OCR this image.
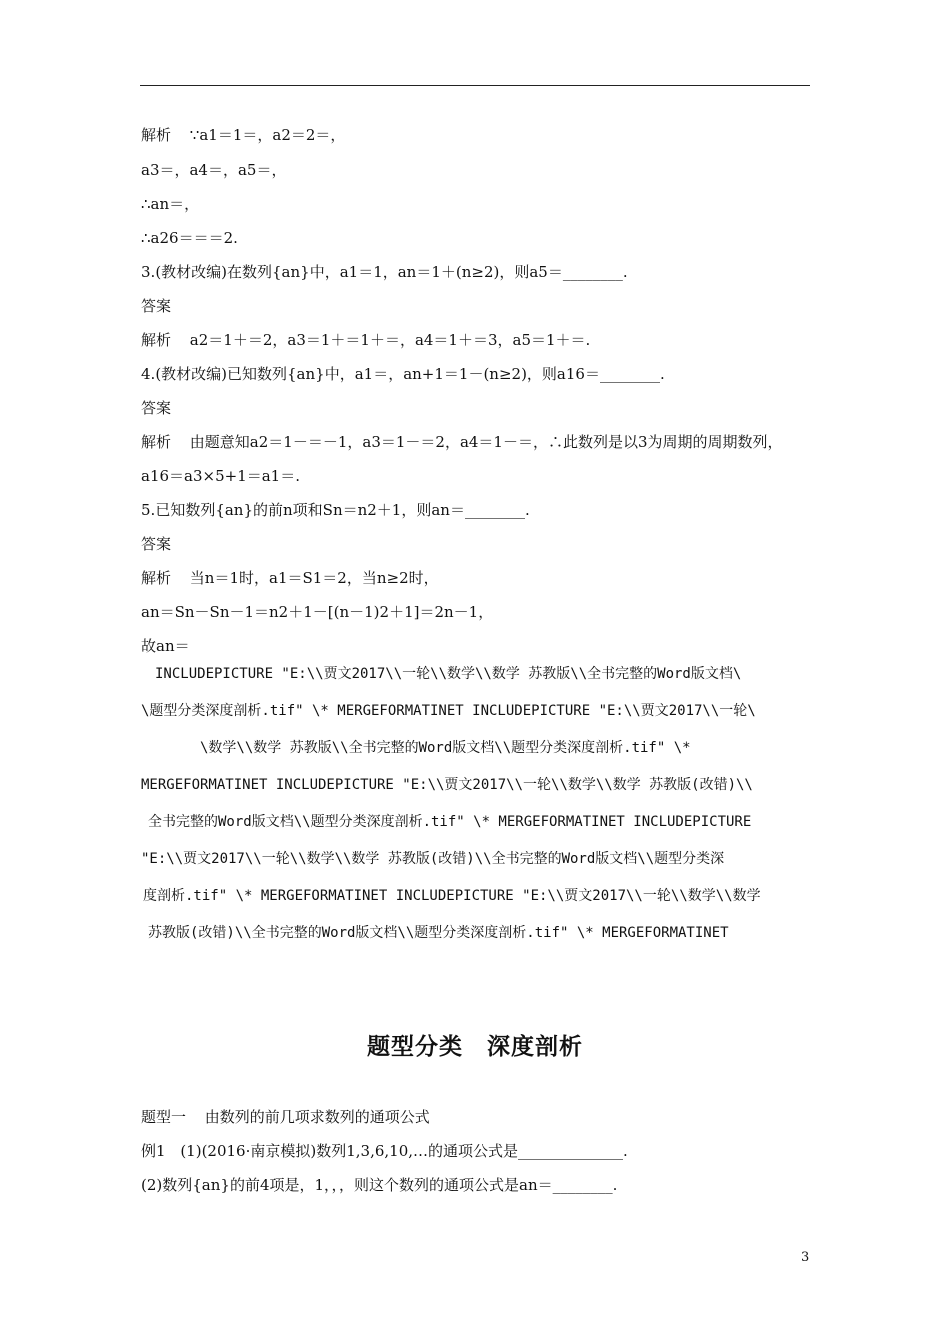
解析 ∵a1＝1＝，a2＝2＝，
a3＝，a4＝，a5＝，
∴an＝，
∴a26＝＝＝2.
3.(教材改编)在数列{an}中，a1＝1，an＝1＋(n≥2)，则a5＝________.
答案
解析 a2＝1＋＝2，a3＝1＋＝1＋＝，a4＝1＋＝3，a5＝1＋＝.
4.(教材改编)已知数列{an}中，a1＝，an+1＝1－(n≥2)，则a16＝________.
答案
解析 由题意知a2＝1－＝－1，a3＝1－＝2，a4＝1－＝，∴此数列是以3为周期的周期数列，
a16＝a3×5+1＝a1＝.
5.已知数列{an}的前n项和Sn＝n2＋1，则an＝________.
答案
解析 当n＝1时，a1＝S1＝2，当n≥2时，
an＝Sn－Sn－1＝n2＋1－[(n－1)2＋1]＝2n－1，
故an＝
INCLUDEPICTURE "E:\\贾文2017\\一轮\\数学\\数学 苏教版\\全书完整的Word版文档\
\题型分类深度剖析.tif" \* MERGEFORMATINET INCLUDEPICTURE "E:\\贾文2017\\一轮\
\数学\\数学 苏教版\\全书完整的Word版文档\\题型分类深度剖析.tif" \*
MERGEFORMATINET INCLUDEPICTURE "E:\\贾文2017\\一轮\\数学\\数学 苏教版(改错)\\
全书完整的Word版文档\\题型分类深度剖析.tif" \* MERGEFORMATINET INCLUDEPICTURE
"E:\\贾文2017\\一轮\\数学\\数学 苏教版(改错)\\全书完整的Word版文档\\题型分类深
度剖析.tif" \* MERGEFORMATINET INCLUDEPICTURE "E:\\贾文2017\\一轮\\数学\\数学
苏教版(改错)\\全书完整的Word版文档\\题型分类深度剖析.tif" \* MERGEFORMATINET
题型分类　深度剖析
题型一 由数列的前几项求数列的通项公式
例1 (1)(2016·南京模拟)数列1,3,6,10,…的通项公式是______________.
(2)数列{an}的前4项是，1，，，则这个数列的通项公式是an＝________.
3
